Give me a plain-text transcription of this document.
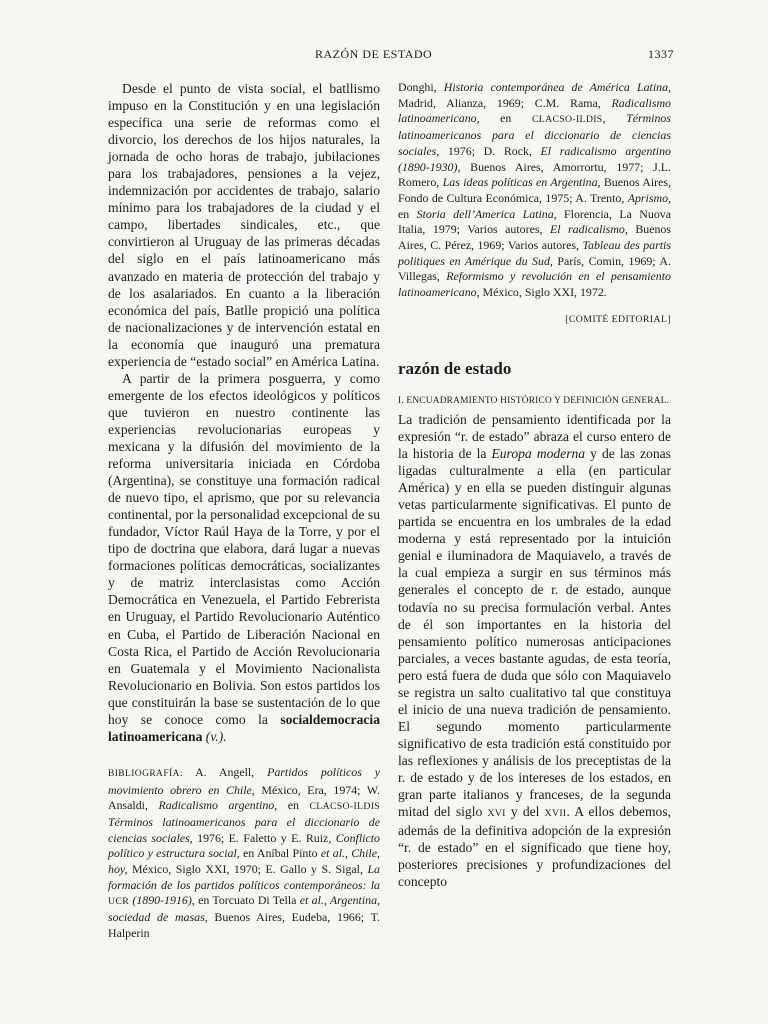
RAZÓN DE ESTADO	1337

Desde el punto de vista social, el batllismo impuso en la Constitución y en una legislación específica una serie de reformas como el divorcio, los derechos de los hijos naturales, la jornada de ocho horas de trabajo, jubilaciones para los trabajadores, pensiones a la vejez, indemnización por accidentes de trabajo, salario mínimo para los trabajadores de la ciudad y el campo, libertades sindicales, etc., que convirtieron al Uruguay de las primeras décadas del siglo en el país latinoamericano más avanzado en materia de protección del trabajo y de los asalariados. En cuanto a la liberación económica del país, Batlle propició una política de nacionalizaciones y de intervención estatal en la economía que inauguró una prematura experiencia de “estado social” en América Latina.

A partir de la primera posguerra, y como emergente de los efectos ideológicos y políticos que tuvieron en nuestro continente las experiencias revolucionarias europeas y mexicana y la difusión del movimiento de la reforma universitaria iniciada en Córdoba (Argentina), se constituye una formación radical de nuevo tipo, el aprismo, que por su relevancia continental, por la personalidad excepcional de su fundador, Víctor Raúl Haya de la Torre, y por el tipo de doctrina que elabora, dará lugar a nuevas formaciones políticas democráticas, socializantes y de matriz interclasistas como Acción Democrática en Venezuela, el Partido Febrerista en Uruguay, el Partido Revolucionario Auténtico en Cuba, el Partido de Liberación Nacional en Costa Rica, el Partido de Acción Revolucionaria en Guatemala y el Movimiento Nacionalista Revolucionario en Bolivia. Son estos partidos los que constituirán la base se sustentación de lo que hoy se conoce como la socialdemocracia latinoamericana (v.).

BIBLIOGRAFÍA: A. Angell, Partidos políticos y movimiento obrero en Chile, México, Era, 1974; W. Ansaldi, Radicalismo argentino, en CLACSO-ILDIS Términos latinoamericanos para el diccionario de ciencias sociales, 1976; E. Faletto y E. Ruiz, Conflicto político y estructura social, en Aníbal Pinto et al., Chile, hoy, México, Siglo XXI, 1970; E. Gallo y S. Sigal, La formación de los partidos políticos contemporáneos: la UCR (1890-1916), en Torcuato Di Tella et al., Argentina, sociedad de masas, Buenos Aires, Eudeba, 1966; T. Halperin

Donghi, Historia contemporánea de América Latina, Madrid, Alianza, 1969; C.M. Rama, Radicalismo latinoamericano, en CLACSO-ILDIS, Términos latinoamericanos para el diccionario de ciencias sociales, 1976; D. Rock, El radicalismo argentino (1890-1930), Buenos Aires, Amorrortu, 1977; J.L. Romero, Las ideas políticas en Argentina, Buenos Aires, Fondo de Cultura Económica, 1975; A. Trento, Aprismo, en Storia dell’America Latina, Florencia, La Nuova Italia, 1979; Varios autores, El radicalismo, Buenos Aires, C. Pérez, 1969; Varios autores, Tableau des partis politiques en Amérique du Sud, París, Comin, 1969; A. Villegas, Reformismo y revolución en el pensamiento latinoamericano, México, Siglo XXI, 1972.

[COMITÉ EDITORIAL]

razón de estado

I. ENCUADRAMIENTO HISTÓRICO Y DEFINICIÓN GENERAL.

La tradición de pensamiento identificada por la expresión “r. de estado” abraza el curso entero de la historia de la Europa moderna y de las zonas ligadas culturalmente a ella (en particular América) y en ella se pueden distinguir algunas vetas particularmente significativas. El punto de partida se encuentra en los umbrales de la edad moderna y está representado por la intuición genial e iluminadora de Maquiavelo, a través de la cual empieza a surgir en sus términos más generales el concepto de r. de estado, aunque todavía no su precisa formulación verbal. Antes de él son importantes en la historia del pensamiento político numerosas anticipaciones parciales, a veces bastante agudas, de esta teoría, pero está fuera de duda que sólo con Maquiavelo se registra un salto cualitativo tal que constituya el inicio de una nueva tradición de pensamiento. El segundo momento particularmente significativo de esta tradición está constituido por las reflexiones y análisis de los preceptistas de la r. de estado y de los intereses de los estados, en gran parte italianos y franceses, de la segunda mitad del siglo XVI y del XVII. A ellos debemos, además de la definitiva adopción de la expresión “r. de estado” en el significado que tiene hoy, posteriores precisiones y profundizaciones del concepto
